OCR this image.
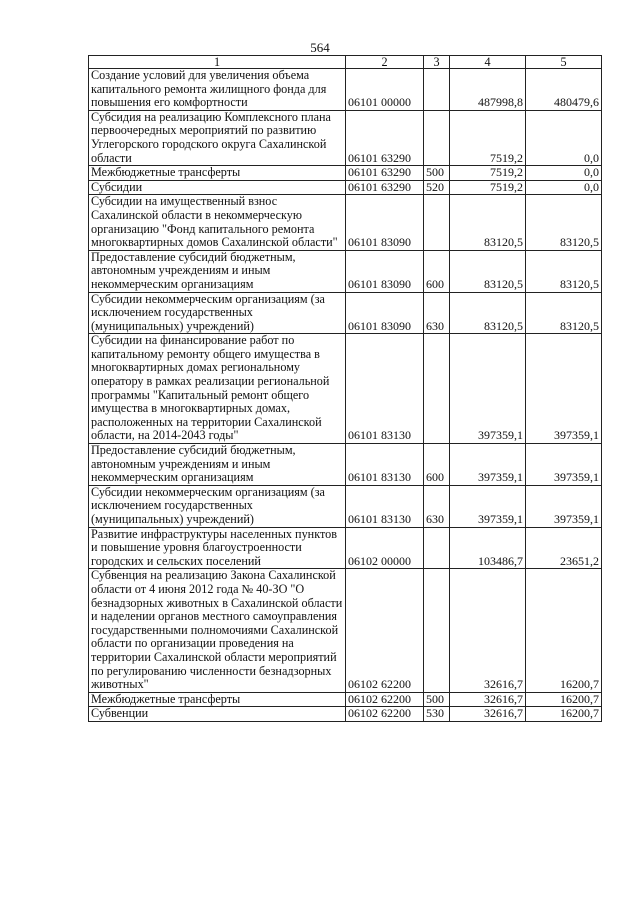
564
1	2	3	4	5
Создание условий для увеличения объема капитального ремонта жилищного фонда для повышения его комфортности	06101 00000		487998,8	480479,6
Субсидия на реализацию Комплексного плана первоочередных мероприятий по развитию Углегорского городского округа Сахалинской области	06101 63290		7519,2	0,0
Межбюджетные трансферты	06101 63290	500	7519,2	0,0
Субсидии	06101 63290	520	7519,2	0,0
Субсидии на имущественный взнос Сахалинской области в некоммерческую организацию "Фонд капитального ремонта многоквартирных домов Сахалинской области"	06101 83090		83120,5	83120,5
Предоставление субсидий бюджетным, автономным учреждениям и иным некоммерческим организациям	06101 83090	600	83120,5	83120,5
Субсидии некоммерческим организациям (за исключением государственных (муниципальных) учреждений)	06101 83090	630	83120,5	83120,5
Субсидии на финансирование работ по капитальному ремонту общего имущества в многоквартирных домах региональному оператору в рамках реализации региональной программы "Капитальный ремонт общего имущества в многоквартирных домах, расположенных на территории Сахалинской области, на 2014-2043 годы"	06101 83130		397359,1	397359,1
Предоставление субсидий бюджетным, автономным учреждениям и иным некоммерческим организациям	06101 83130	600	397359,1	397359,1
Субсидии некоммерческим организациям (за исключением государственных (муниципальных) учреждений)	06101 83130	630	397359,1	397359,1
Развитие инфраструктуры населенных пунктов и повышение уровня благоустроенности городских и сельских поселений	06102 00000		103486,7	23651,2
Субвенция на реализацию Закона Сахалинской области от 4 июня 2012 года № 40-ЗО "О безнадзорных животных в Сахалинской области и наделении органов местного самоуправления государственными полномочиями Сахалинской области по организации проведения на территории Сахалинской области мероприятий по регулированию численности безнадзорных животных"	06102 62200		32616,7	16200,7
Межбюджетные трансферты	06102 62200	500	32616,7	16200,7
Субвенции	06102 62200	530	32616,7	16200,7
